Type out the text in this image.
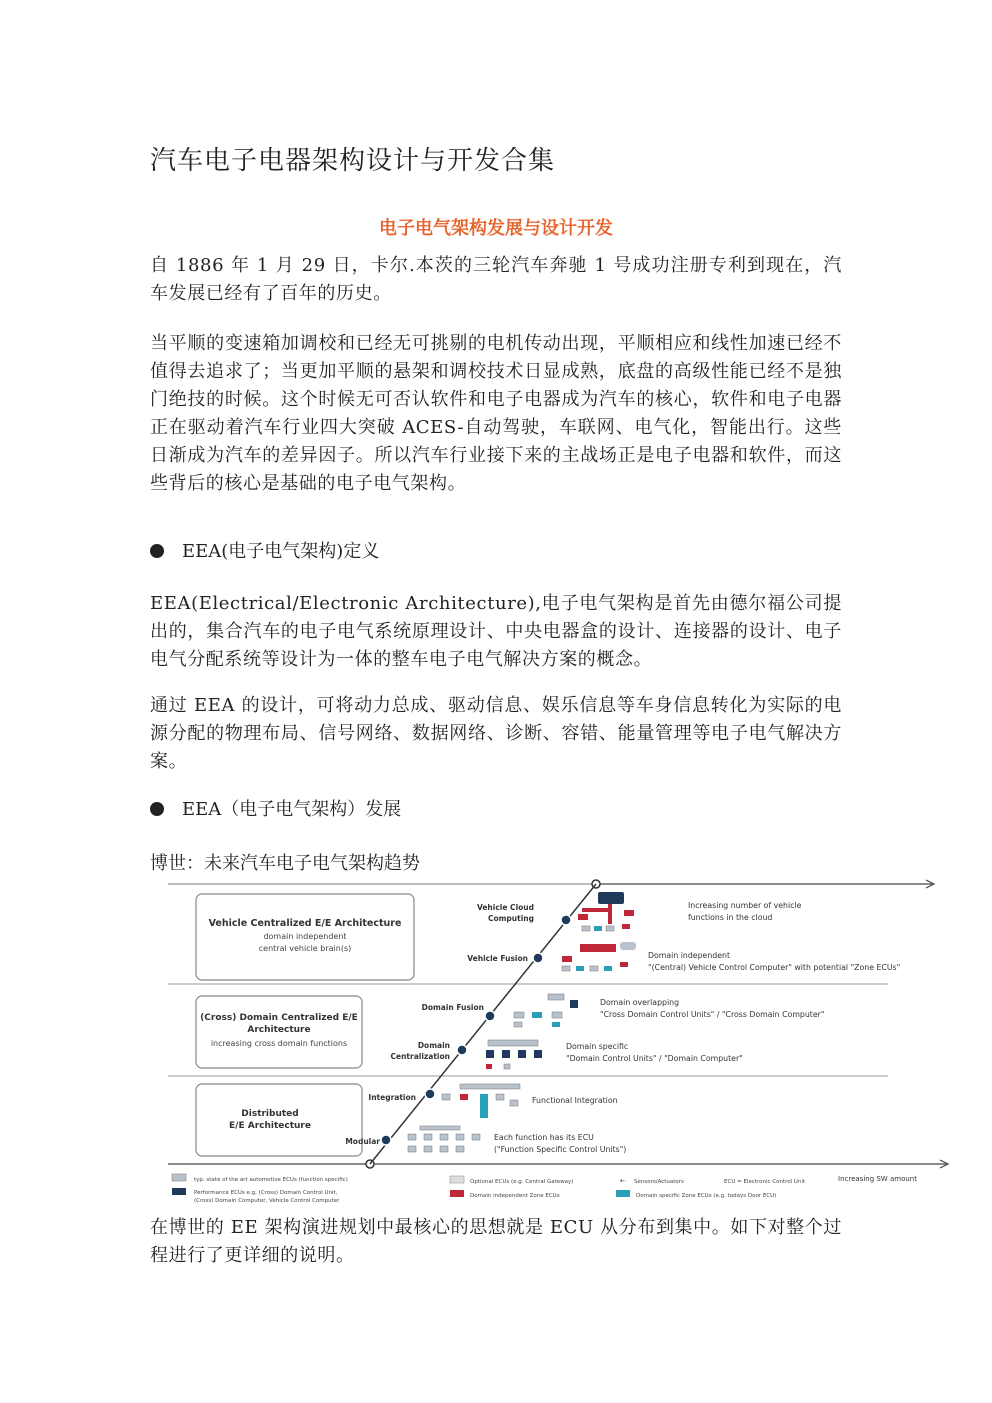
汽车电子电器架构设计与开发合集
电子电气架构发展与设计开发

自 1886 年 1 月 29 日，卡尔.本茨的三轮汽车奔驰 1 号成功注册专利到现在，汽车发展已经有了百年的历史。

当平顺的变速箱加调校和已经无可挑剔的电机传动出现，平顺相应和线性加速已经不值得去追求了；当更加平顺的悬架和调校技术日显成熟，底盘的高级性能已经不是独门绝技的时候。这个时候无可否认软件和电子电器成为汽车的核心，软件和电子电器正在驱动着汽车行业四大突破 ACES-自动驾驶，车联网、电气化，智能出行。这些日渐成为汽车的差异因子。所以汽车行业接下来的主战场正是电子电器和软件，而这些背后的核心是基础的电子电气架构。

EEA(电子电气架构)定义

EEA(Electrical/Electronic Architecture),电子电气架构是首先由德尔福公司提出的，集合汽车的电子电气系统原理设计、中央电器盒的设计、连接器的设计、电子电气分配系统等设计为一体的整车电子电气解决方案的概念。

通过 EEA 的设计，可将动力总成、驱动信息、娱乐信息等车身信息转化为实际的电源分配的物理布局、信号网络、数据网络、诊断、容错、能量管理等电子电气解决方案。

EEA（电子电气架构）发展

博世：未来汽车电子电气架构趋势

Vehicle Centralized E/E Architecture
domain independent
central vehicle brain(s)
(Cross) Domain Centralized E/E
Architecture
increasing cross domain functions
Distributed
E/E Architecture
Vehicle Cloud
Computing
Vehicle Fusion
Domain Fusion
Domain
Centralization
Integration
Modular
Increasing number of vehicle
functions in the cloud
Domain independent
"(Central) Vehicle Control Computer" with potential "Zone ECUs"
Domain overlapping
"Cross Domain Control Units" / "Cross Domain Computer"
Domain specific
"Domain Control Units" / "Domain Computer"
Functional Integration
Each function has its ECU
("Function Specific Control Units")
typ. state of the art automotive ECUs (function specific)
Performance ECUs e.g. (Cross) Domain Control Unit,
(Cross) Domain Computer, Vehicle Control Computer
Optional ECUs (e.g. Central Gateway)
Domain independent Zone ECUs
⇠ Sensors/Actuators
Domain specific Zone ECUs (e.g. todays Door ECU)
ECU = Electronic Control Unit	Increasing SW amount

在博世的 EE 架构演进规划中最核心的思想就是 ECU 从分布到集中。如下对整个过程进行了更详细的说明。
